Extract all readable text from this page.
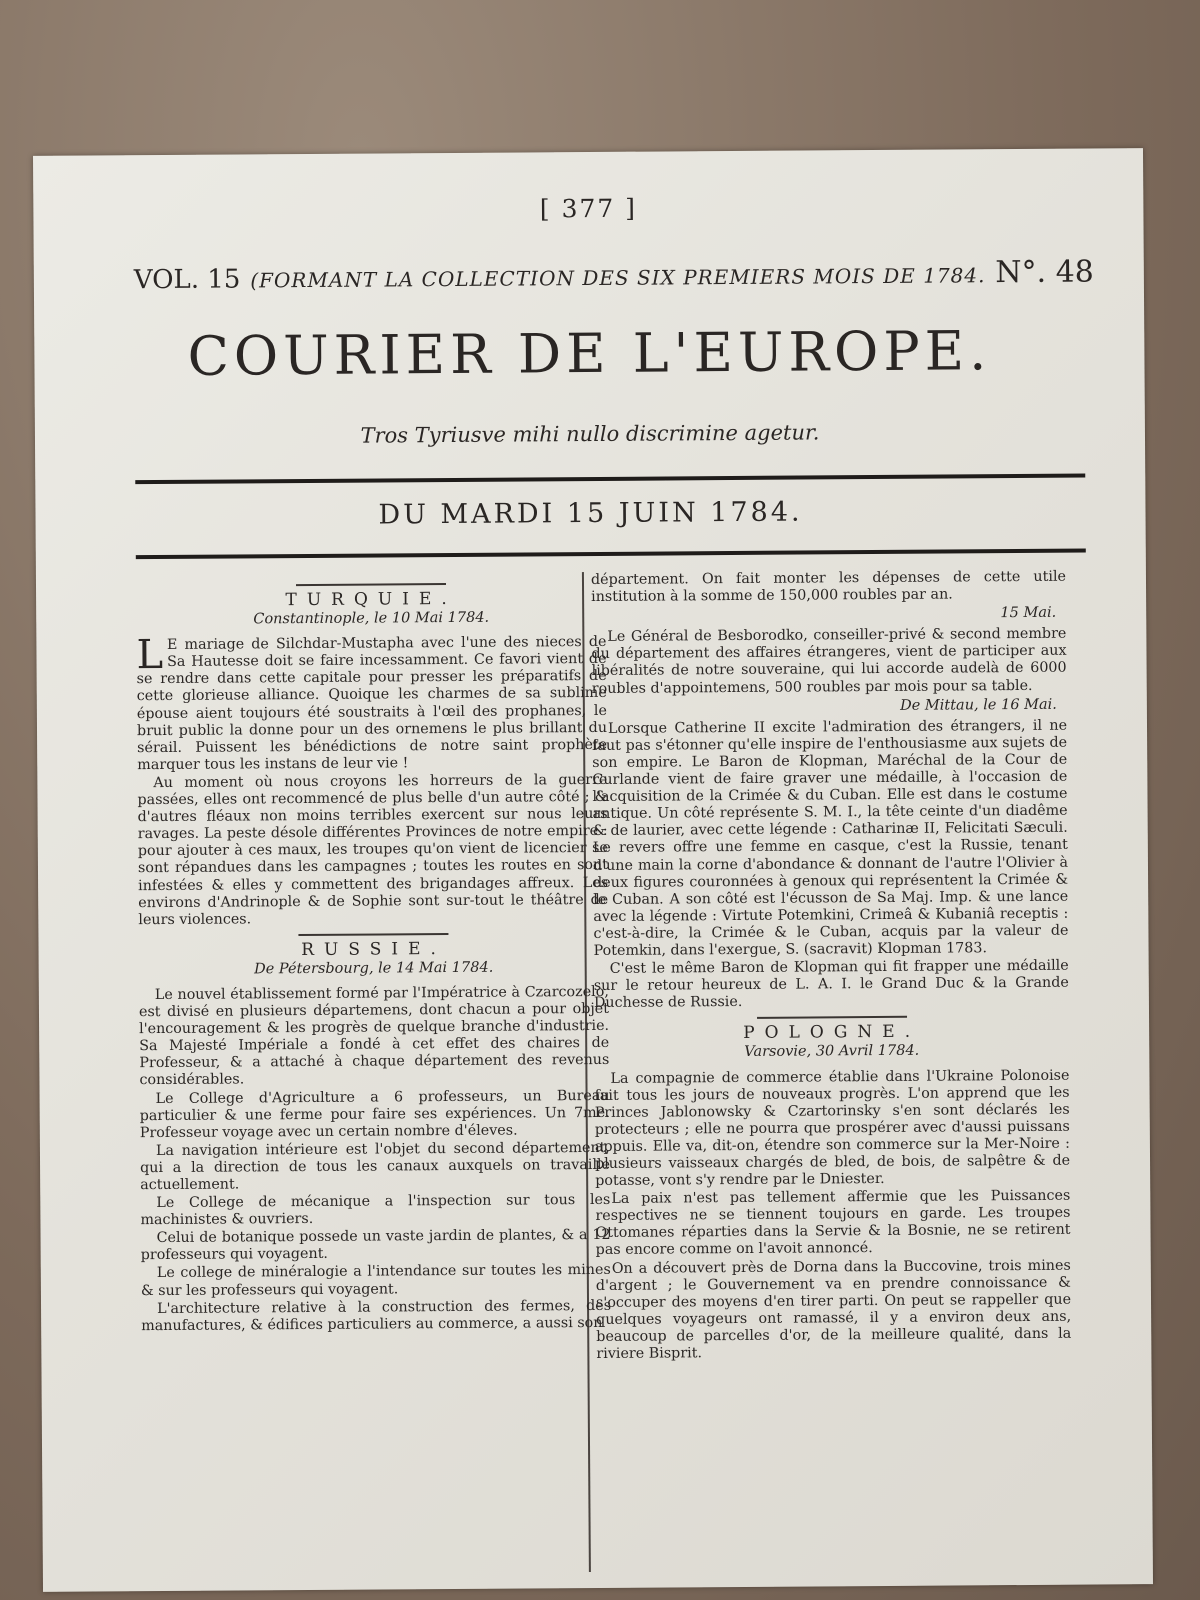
[ 377 ]
VOL. 15 (FORMANT LA COLLECTION DES SIX PREMIERS MOIS DE 1784. N°. 48
COURIER DE L'EUROPE.
Tros Tyriusve mihi nullo discrimine agetur.
DU MARDI 15 JUIN 1784.
TURQUIE.
Constantinople, le 10 Mai 1784.

L E mariage de Silchdar-Mustapha avec l'une des nieces de Sa Hautesse doit se faire incessamment. Ce favori vient de se rendre dans cette capitale pour presser les préparatifs de cette glorieuse alliance. Quoique les charmes de sa sublime épouse aient toujours été soustraits à l'œil des prophanes, le bruit public la donne pour un des ornemens le plus brillant du sérail. Puissent les bénédictions de notre saint prophète marquer tous les instans de leur vie !

Au moment où nous croyons les horreurs de la guerre passées, elles ont recommencé de plus belle d'un autre côté ; & d'autres fléaux non moins terribles exercent sur nous leurs ravages. La peste désole différentes Provinces de notre empire : pour ajouter à ces maux, les troupes qu'on vient de licencier se sont répandues dans les campagnes ; toutes les routes en sont infestées & elles y commettent des brigandages affreux. Les environs d'Andrinople & de Sophie sont sur-tout le théâtre de leurs violences.

RUSSIE.
De Pétersbourg, le 14 Mai 1784.

Le nouvel établissement formé par l'Impératrice à Czarcozelo, est divisé en plusieurs départemens, dont chacun a pour objet l'encouragement & les progrès de quelque branche d'industrie. Sa Majesté Impériale a fondé à cet effet des chaires de Professeur, & a attaché à chaque département des revenus considérables.

Le College d'Agriculture a 6 professeurs, un Bureau particulier & une ferme pour faire ses expériences. Un 7me. Professeur voyage avec un certain nombre d'éleves.

La navigation intérieure est l'objet du second département, qui a la direction de tous les canaux auxquels on travaille actuellement.

Le College de mécanique a l'inspection sur tous les machinistes & ouvriers.

Celui de botanique possede un vaste jardin de plantes, & a 12 professeurs qui voyagent.

Le college de minéralogie a l'intendance sur toutes les mines & sur les professeurs qui voyagent.

L'architecture relative à la construction des fermes, des manufactures, & édifices particuliers au commerce, a aussi son

département. On fait monter les dépenses de cette utile institution à la somme de 150,000 roubles par an.

15 Mai.

Le Général de Besborodko, conseiller-privé & second membre du département des affaires étrangeres, vient de participer aux libéralités de notre souveraine, qui lui accorde audelà de 6000 roubles d'appointemens, 500 roubles par mois pour sa table.

De Mittau, le 16 Mai.

Lorsque Catherine II excite l'admiration des étrangers, il ne faut pas s'étonner qu'elle inspire de l'enthousiasme aux sujets de son empire. Le Baron de Klopman, Maréchal de la Cour de Curlande vient de faire graver une médaille, à l'occasion de l'acquisition de la Crimée & du Cuban. Elle est dans le costume antique. Un côté représente S. M. I., la tête ceinte d'un diadême & de laurier, avec cette légende : Catharinæ II, Felicitati Sæculi. Le revers offre une femme en casque, c'est la Russie, tenant d'une main la corne d'abondance & donnant de l'autre l'Olivier à deux figures couronnées à genoux qui représentent la Crimée & le Cuban. A son côté est l'écusson de Sa Maj. Imp. & une lance avec la légende : Virtute Potemkini, Crimeâ & Kubaniâ receptis : c'est-à-dire, la Crimée & le Cuban, acquis par la valeur de Potemkin, dans l'exergue, S. (sacravit) Klopman 1783.

C'est le même Baron de Klopman qui fit frapper une médaille sur le retour heureux de L. A. I. le Grand Duc & la Grande Duchesse de Russie.

POLOGNE.
Varsovie, 30 Avril 1784.

La compagnie de commerce établie dans l'Ukraine Polonoise fait tous les jours de nouveaux progrès. L'on apprend que les Princes Jablonowsky & Czartorinsky s'en sont déclarés les protecteurs ; elle ne pourra que prospérer avec d'aussi puissans appuis. Elle va, dit-on, étendre son commerce sur la Mer-Noire : plusieurs vaisseaux chargés de bled, de bois, de salpêtre & de potasse, vont s'y rendre par le Dniester.

La paix n'est pas tellement affermie que les Puissances respectives ne se tiennent toujours en garde. Les troupes Ottomanes réparties dans la Servie & la Bosnie, ne se retirent pas encore comme on l'avoit annoncé.

On a découvert près de Dorna dans la Buccovine, trois mines d'argent ; le Gouvernement va en prendre connoissance & s'occuper des moyens d'en tirer parti. On peut se rappeller que quelques voyageurs ont ramassé, il y a environ deux ans, beaucoup de parcelles d'or, de la meilleure qualité, dans la riviere Bisprit.
